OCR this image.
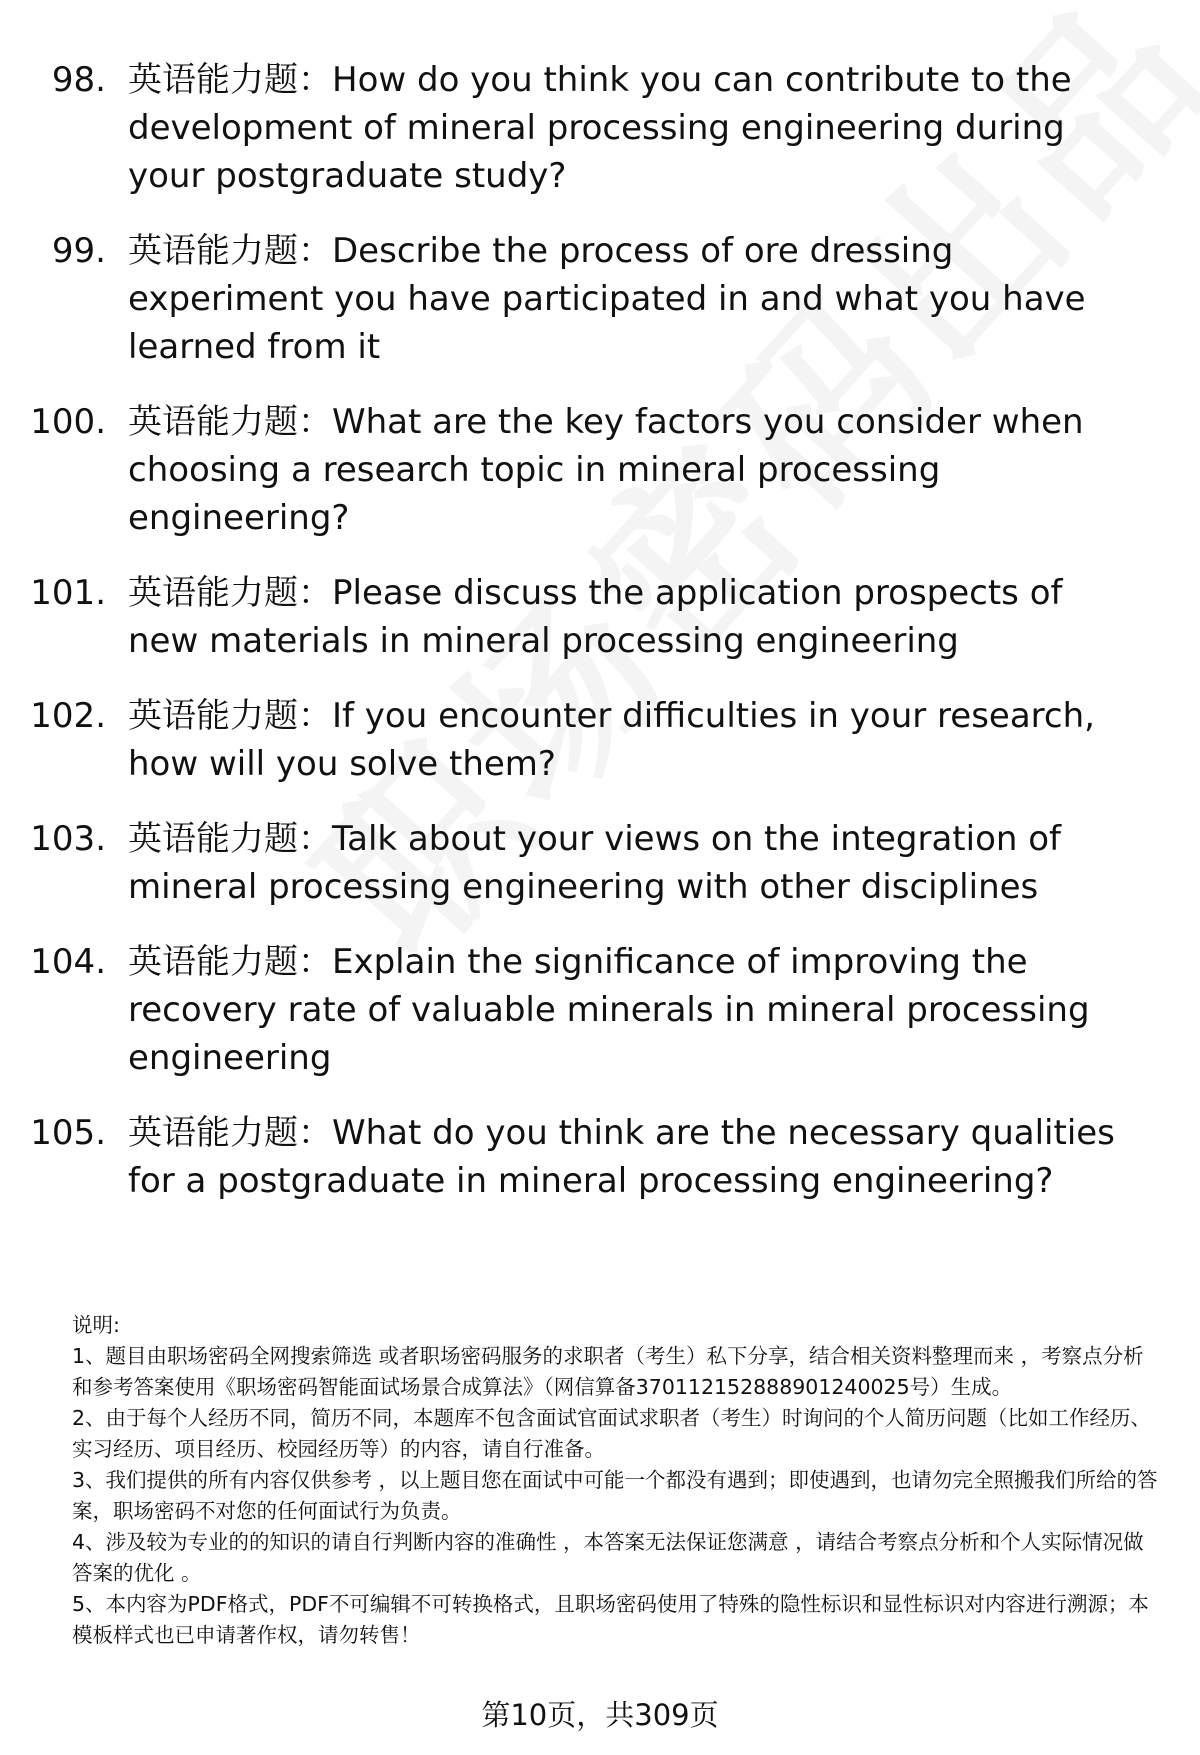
98. 英语能力题：How do you think you can contribute to the development of mineral processing engineering during your postgraduate study?
99. 英语能力题：Describe the process of ore dressing experiment you have participated in and what you have learned from it
100. 英语能力题：What are the key factors you consider when choosing a research topic in mineral processing engineering?
101. 英语能力题：Please discuss the application prospects of new materials in mineral processing engineering
102. 英语能力题：If you encounter difficulties in your research, how will you solve them?
103. 英语能力题：Talk about your views on the integration of mineral processing engineering with other disciplines
104. 英语能力题：Explain the significance of improving the recovery rate of valuable minerals in mineral processing engineering
105. 英语能力题：What do you think are the necessary qualities for a postgraduate in mineral processing engineering?

说明:

1、题目由职场密码全网搜索筛选 或者职场密码服务的求职者（考生）私下分享，结合相关资料整理而来 ，考察点分析和参考答案使用《职场密码智能面试场景合成算法》（网信算备370112152888901240025号）生成。

2、由于每个人经历不同，简历不同，本题库不包含面试官面试求职者（考生）时询问的个人简历问题（比如工作经历、实习经历、项目经历、校园经历等）的内容，请自行准备。

3、我们提供的所有内容仅供参考 ，以上题目您在面试中可能一个都没有遇到；即使遇到，也请勿完全照搬我们所给的答案，职场密码不对您的任何面试行为负责。

4、涉及较为专业的的知识的请自行判断内容的准确性 ，本答案无法保证您满意 ，请结合考察点分析和个人实际情况做答案的优化 。

5、本内容为PDF格式，PDF不可编辑不可转换格式，且职场密码使用了特殊的隐性标识和显性标识对内容进行溯源；本模板样式也已申请著作权，请勿转售！

第10页，共309页
